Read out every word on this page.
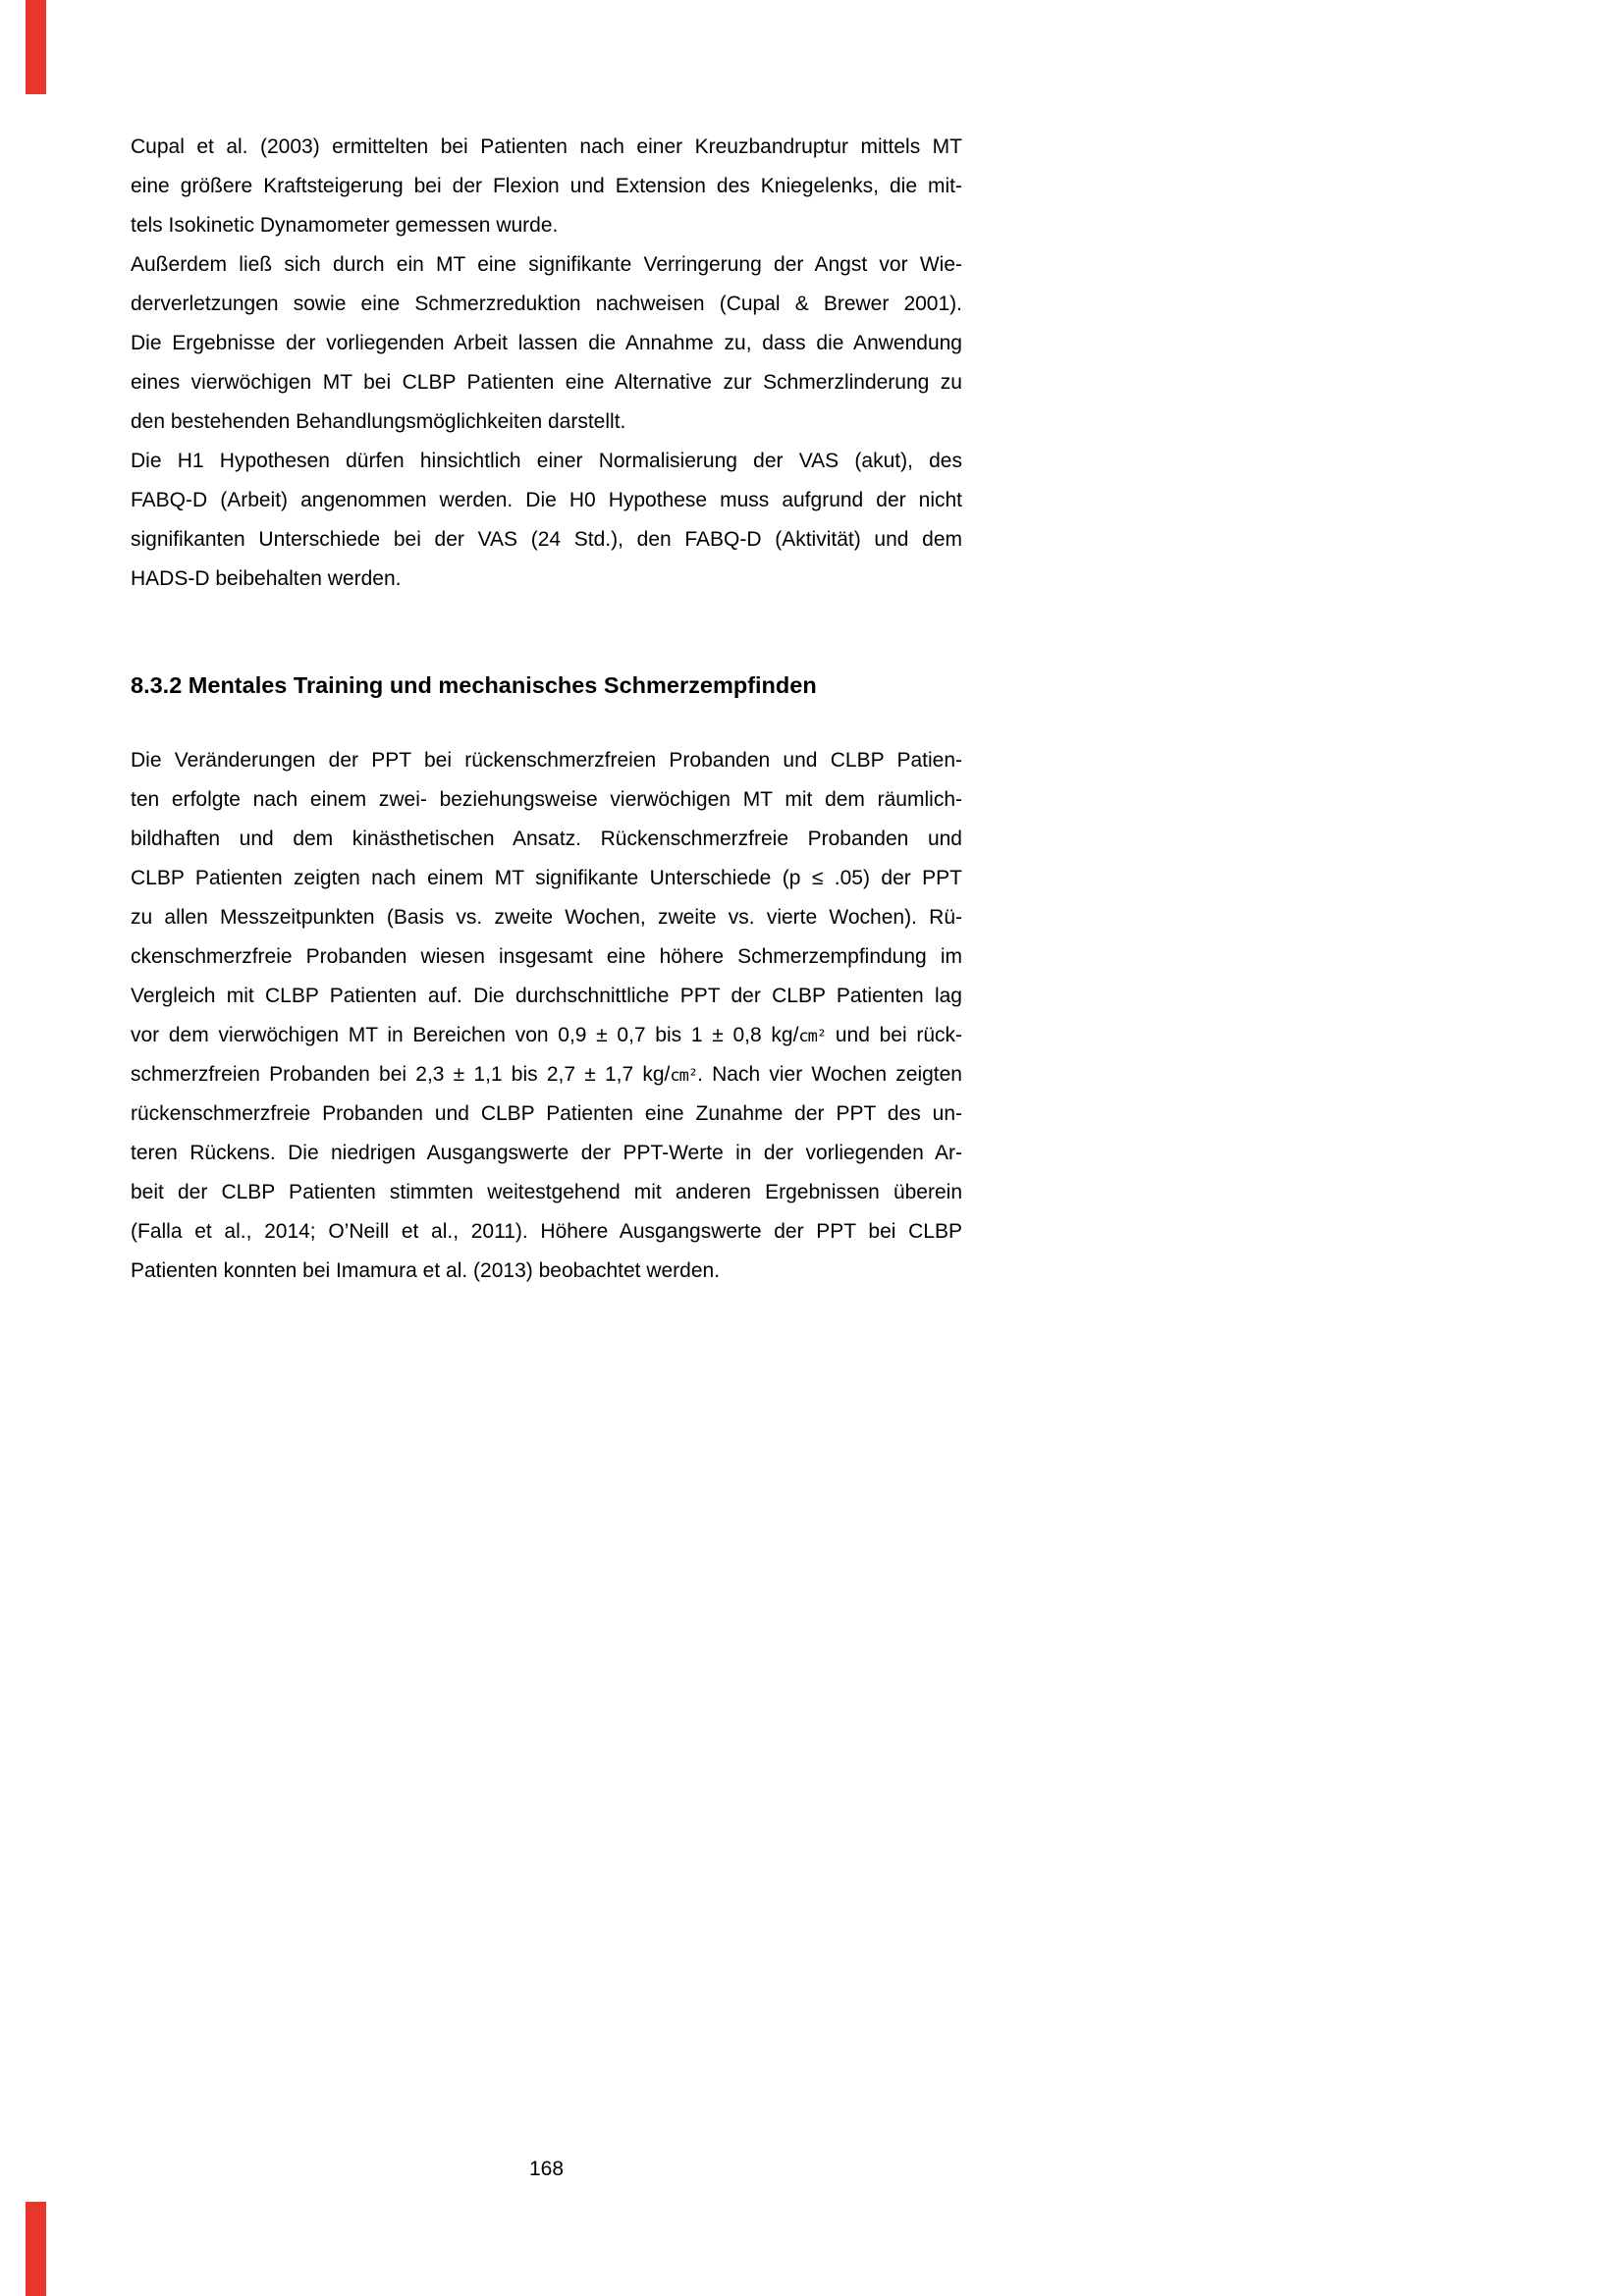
Cupal et al. (2003) ermittelten bei Patienten nach einer Kreuzbandruptur mittels MT
eine größere Kraftsteigerung bei der Flexion und Extension des Kniegelenks, die mit-
tels Isokinetic Dynamometer gemessen wurde.
Außerdem ließ sich durch ein MT eine signifikante Verringerung der Angst vor Wie-
derverletzungen sowie eine Schmerzreduktion nachweisen (Cupal & Brewer 2001).
Die Ergebnisse der vorliegenden Arbeit lassen die Annahme zu, dass die Anwendung
eines vierwöchigen MT bei CLBP Patienten eine Alternative zur Schmerzlinderung zu
den bestehenden Behandlungsmöglichkeiten darstellt.
Die H1 Hypothesen dürfen hinsichtlich einer Normalisierung der VAS (akut), des
FABQ-D (Arbeit) angenommen werden. Die H0 Hypothese muss aufgrund der nicht
signifikanten Unterschiede bei der VAS (24 Std.), den FABQ-D (Aktivität) und dem
HADS-D beibehalten werden.
8.3.2 Mentales Training und mechanisches Schmerzempfinden
Die Veränderungen der PPT bei rückenschmerzfreien Probanden und CLBP Patien-
ten erfolgte nach einem zwei- beziehungsweise vierwöchigen MT mit dem räumlich-
bildhaften und dem kinästhetischen Ansatz. Rückenschmerzfreie Probanden und
CLBP Patienten zeigten nach einem MT signifikante Unterschiede (p ≤ .05) der PPT
zu allen Messzeitpunkten (Basis vs. zweite Wochen, zweite vs. vierte Wochen). Rü-
ckenschmerzfreie Probanden wiesen insgesamt eine höhere Schmerzempfindung im
Vergleich mit CLBP Patienten auf. Die durchschnittliche PPT der CLBP Patienten lag
vor dem vierwöchigen MT in Bereichen von 0,9 ± 0,7 bis 1 ± 0,8 kg/cm² und bei rück-
schmerzfreien Probanden bei 2,3 ± 1,1 bis 2,7 ± 1,7 kg/cm². Nach vier Wochen zeigten
rückenschmerzfreie Probanden und CLBP Patienten eine Zunahme der PPT des un-
teren Rückens. Die niedrigen Ausgangswerte der PPT-Werte in der vorliegenden Ar-
beit der CLBP Patienten stimmten weitestgehend mit anderen Ergebnissen überein
(Falla et al., 2014; O’Neill et al., 2011). Höhere Ausgangswerte der PPT bei CLBP
Patienten konnten bei Imamura et al. (2013) beobachtet werden.
168
